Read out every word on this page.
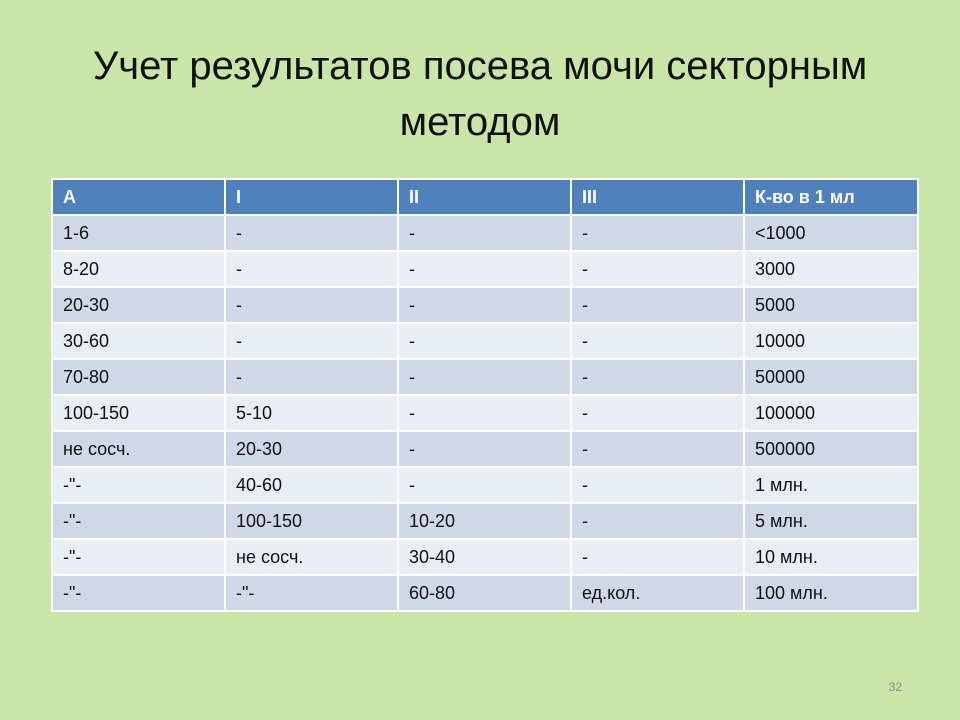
Учет результатов посева мочи секторным
методом
A	I	II	III	К-во в 1 мл
1-6	-	-	-	<1000
8-20	-	-	-	3000
20-30	-	-	-	5000
30-60	-	-	-	10000
70-80	-	-	-	50000
100-150	5-10	-	-	100000
не сосч.	20-30	-	-	500000
-"-	40-60	-	-	1 млн.
-"-	100-150	10-20	-	5 млн.
-"-	не сосч.	30-40	-	10 млн.
-"-	-"-	60-80	ед.кол.	100 млн.
32
